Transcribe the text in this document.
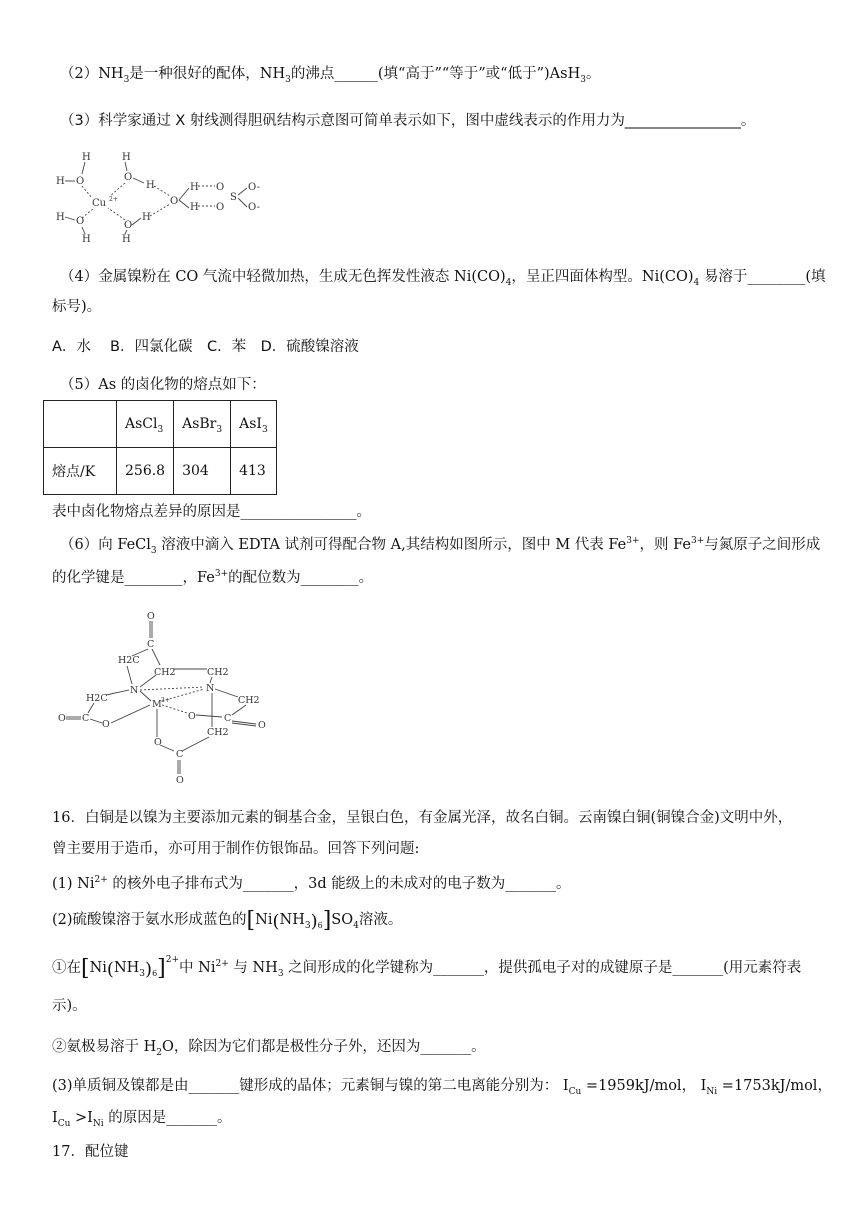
$(2)NH_3$是一种很好的配体，$NH_3$的沸点______(填“高于”“等于”或“低于”)AsH$_3$。
（3）科学家通过 X 射线测得胆矾结构示意图可简单表示如下，图中虚线表示的作用力为________________。
H	H
H O	O
H
Cu 2+	O
H
H
O
O
S
O-
O-
H O	O
H
H	H
（4）金属镍粉在 CO 气流中轻微加热，生成无色挥发性液态 $Ni(CO)_4$，呈正四面体构型。$Ni(CO)_4$ 易溶于________(填
标号)。
A．水　 B．四氯化碳　C．苯　D．硫酸镍溶液
（5）As 的卤化物的熔点如下：
	AsCl$_3$	AsBr$_3$	AsI$_3$
熔点/K	256.8	304	413
表中卤化物熔点差异的原因是________________。
（6）向 FeCl$_3$ 溶液中滴入 EDTA 试剂可得配合物 A,其结构如图所示，图中 M 代表 $Fe^{3+}$，则 $Fe^{3+}$与氮原子之间形成
的化学键是________，$Fe^{3+}$的配位数为________。
O
C
H2C
CH2	CH2
N	N
H2C	CH2
M 3+
O	C
O C
O	O
CH2
O
C
O
16．白铜是以镍为主要添加元素的铜基合金，呈银白色，有金属光泽，故名白铜。云南镍白铜(铜镍合金)文明中外，
曾主要用于造币，亦可用于制作仿银饰品。回答下列问题:
(1) $Ni^{2+}$ 的核外电子排布式为_______，3d 能级上的未成对的电子数为_______。
(2)硫酸镍溶于氨水形成蓝色的$[Ni(NH_3)_6]SO_4$溶液。
①在$[Ni(NH_3)_6]^{2+}$中 $Ni^{2+}$ 与 $NH_3$ 之间形成的化学键称为_______，提供孤电子对的成键原子是_______(用元素符表
示)。
②氨极易溶于 $H_2O$，除因为它们都是极性分子外，还因为_______。
(3)单质铜及镍都是由_______键形成的晶体；元素铜与镍的第二电离能分别为： $I_{Cu} =1959kJ/mol$， $I_{Ni} =1753kJ/mol$，
$I_{Cu} >I_{Ni}$ 的原因是_______。
17．配位键
